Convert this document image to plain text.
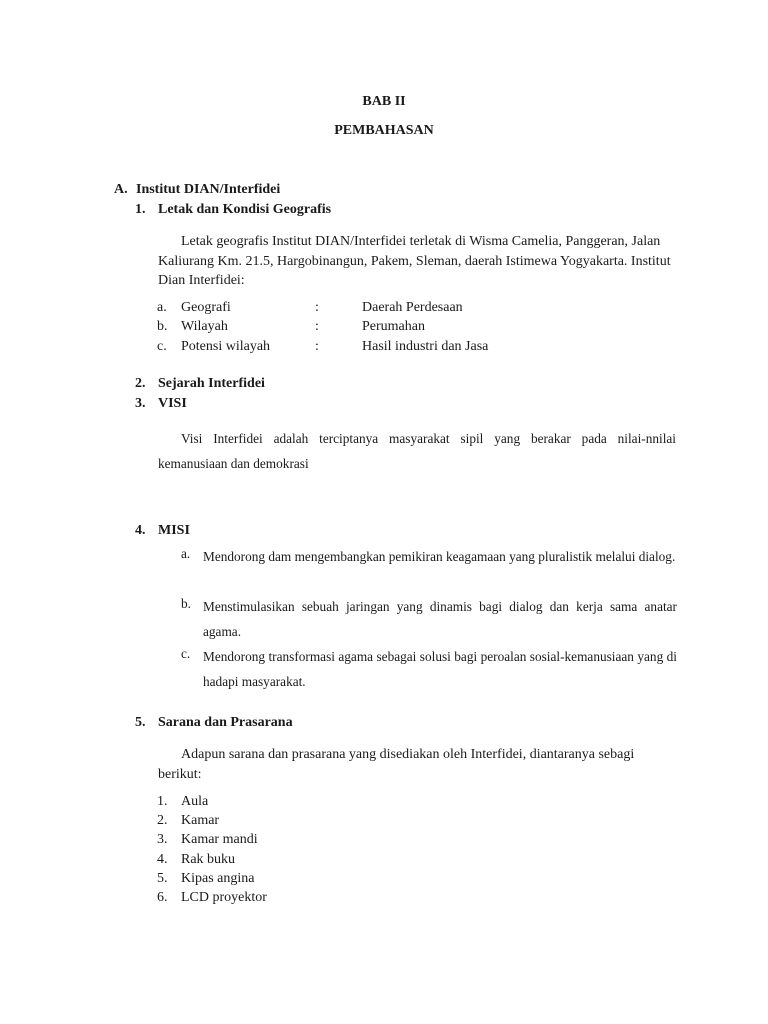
BAB II
PEMBAHASAN
A. Institut DIAN/Interfidei
1. Letak dan Kondisi Geografis
Letak geografis Institut DIAN/Interfidei terletak di Wisma Camelia, Panggeran, Jalan Kaliurang Km. 21.5, Hargobinangun, Pakem, Sleman, daerah Istimewa Yogyakarta. Institut Dian Interfidei:
a. Geografi	:	Daerah Perdesaan
b. Wilayah	:	Perumahan
c. Potensi wilayah	:	Hasil industri dan Jasa
2. Sejarah Interfidei
3. VISI
Visi Interfidei adalah terciptanya masyarakat sipil yang berakar pada nilai-nnilai kemanusiaan dan demokrasi
4. MISI
a. Mendorong dam mengembangkan pemikiran keagamaan yang pluralistik melalui dialog.
b. Menstimulasikan sebuah jaringan yang dinamis bagi dialog dan kerja sama anatar agama.
c. Mendorong transformasi agama sebagai solusi bagi peroalan sosial-kemanusiaan yang di hadapi masyarakat.
5. Sarana dan Prasarana
Adapun sarana dan prasarana yang disediakan oleh Interfidei, diantaranya sebagi berikut:
1. Aula
2. Kamar
3. Kamar mandi
4. Rak buku
5. Kipas angina
6. LCD proyektor
